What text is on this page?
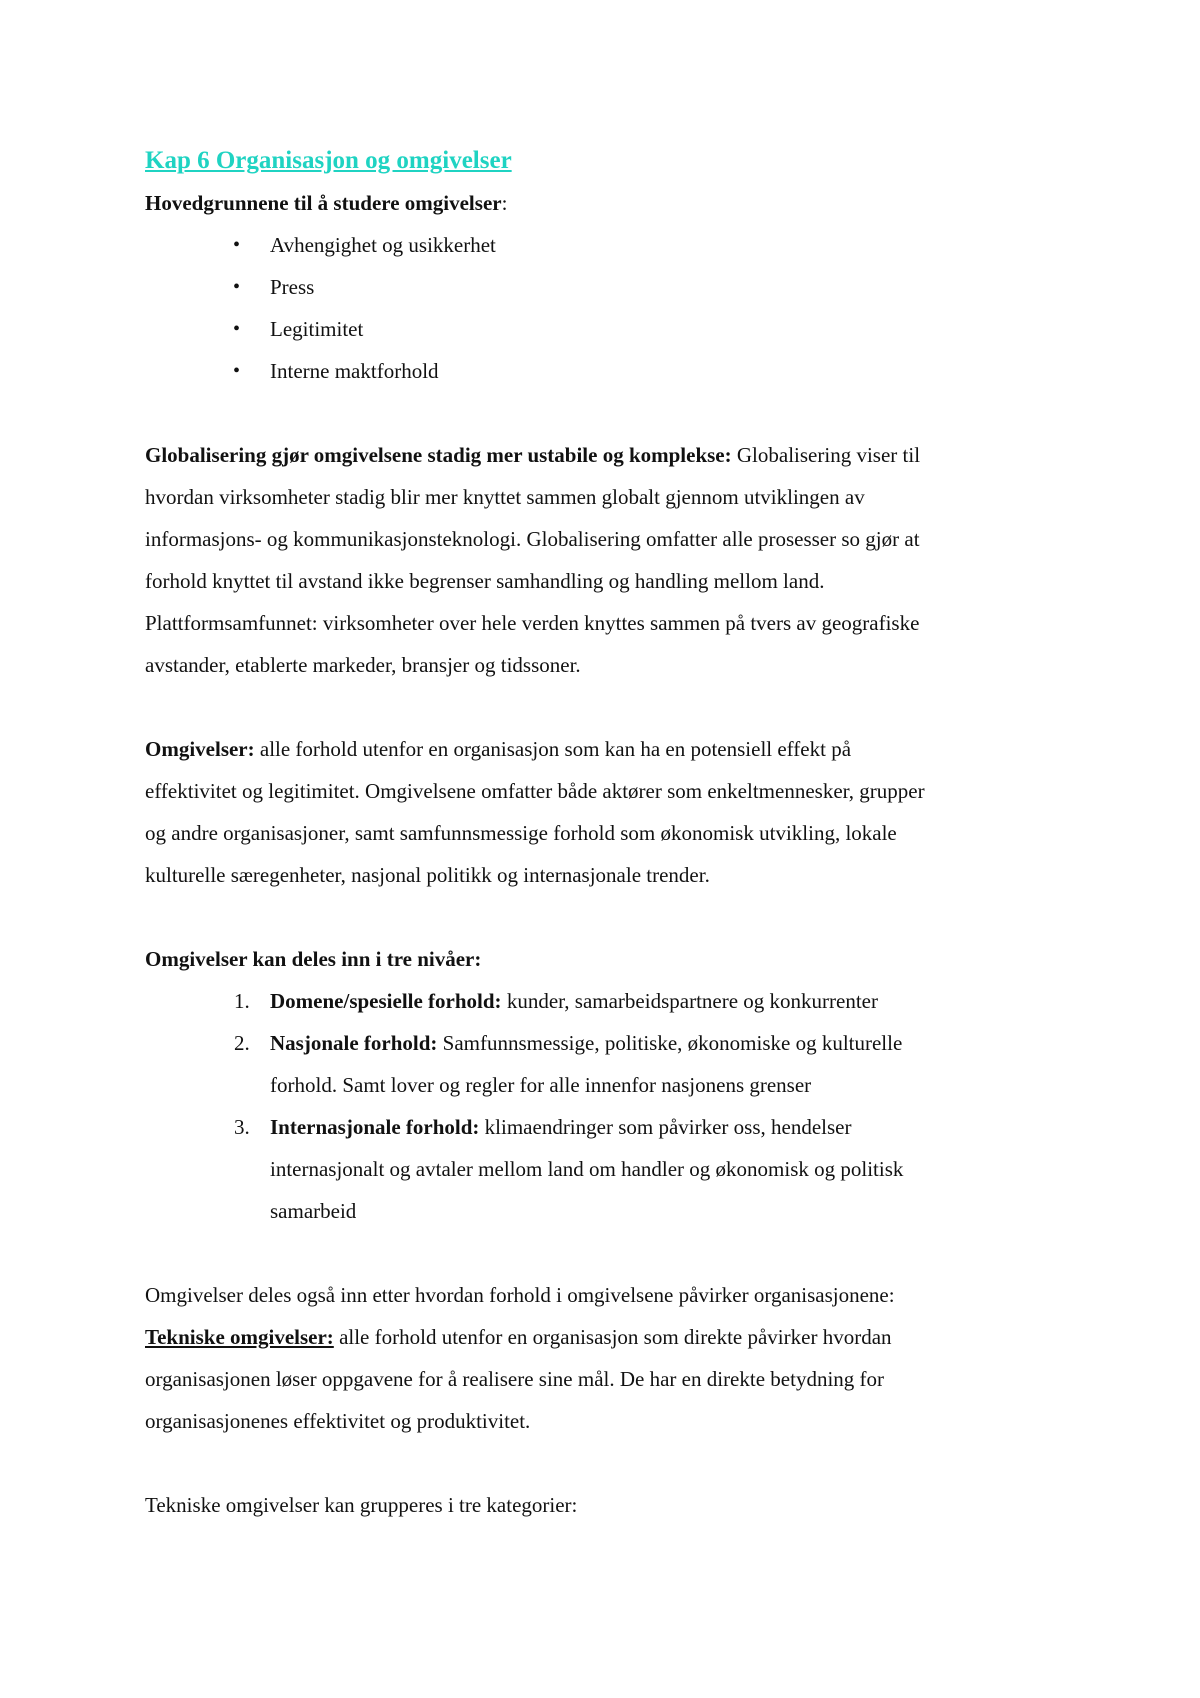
Kap 6 Organisasjon og omgivelser

Hovedgrunnene til å studere omgivelser:

• Avhengighet og usikkerhet
• Press
• Legitimitet
• Interne maktforhold

Globalisering gjør omgivelsene stadig mer ustabile og komplekse: Globalisering viser til

hvordan virksomheter stadig blir mer knyttet sammen globalt gjennom utviklingen av

informasjons- og kommunikasjonsteknologi. Globalisering omfatter alle prosesser so gjør at

forhold knyttet til avstand ikke begrenser samhandling og handling mellom land.

Plattformsamfunnet: virksomheter over hele verden knyttes sammen på tvers av geografiske

avstander, etablerte markeder, bransjer og tidssoner.

Omgivelser: alle forhold utenfor en organisasjon som kan ha en potensiell effekt på

effektivitet og legitimitet. Omgivelsene omfatter både aktører som enkeltmennesker, grupper

og andre organisasjoner, samt samfunnsmessige forhold som økonomisk utvikling, lokale

kulturelle særegenheter, nasjonal politikk og internasjonale trender.

Omgivelser kan deles inn i tre nivåer:

1. Domene/spesielle forhold: kunder, samarbeidspartnere og konkurrenter

2. Nasjonale forhold: Samfunnsmessige, politiske, økonomiske og kulturelle

forhold. Samt lover og regler for alle innenfor nasjonens grenser

3. Internasjonale forhold: klimaendringer som påvirker oss, hendelser

internasjonalt og avtaler mellom land om handler og økonomisk og politisk

samarbeid

Omgivelser deles også inn etter hvordan forhold i omgivelsene påvirker organisasjonene:

Tekniske omgivelser: alle forhold utenfor en organisasjon som direkte påvirker hvordan

organisasjonen løser oppgavene for å realisere sine mål. De har en direkte betydning for

organisasjonenes effektivitet og produktivitet.

Tekniske omgivelser kan grupperes i tre kategorier:
